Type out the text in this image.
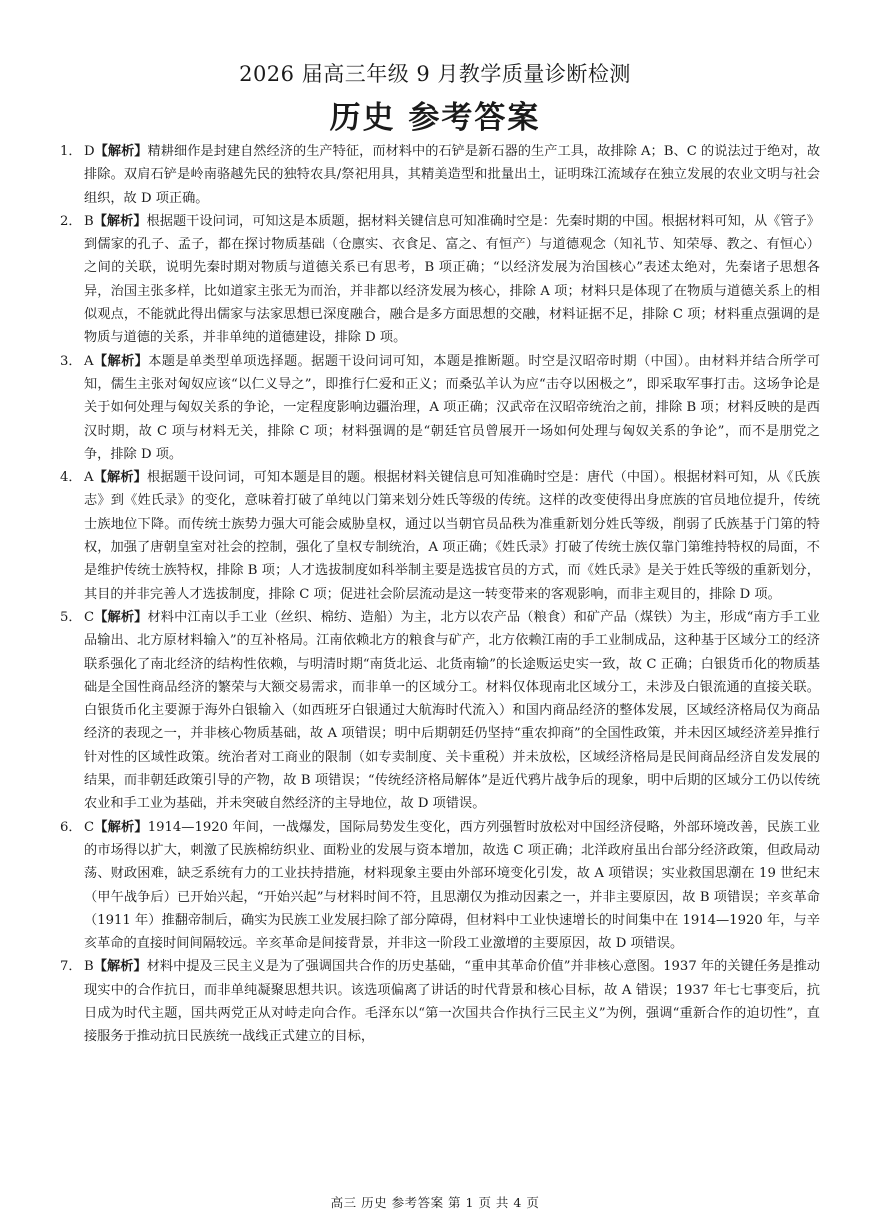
2026 届高三年级 9 月教学质量诊断检测
历史 参考答案
1． D【解析】精耕细作是封建自然经济的生产特征，而材料中的石铲是新石器的生产工具，故排除 A；B、C 的说法过于绝对，故排除。双肩石铲是岭南骆越先民的独特农具/祭祀用具，其精美造型和批量出土，证明珠江流域存在独立发展的农业文明与社会组织，故 D 项正确。
2． B【解析】根据题干设问词，可知这是本质题，据材料关键信息可知准确时空是：先秦时期的中国。根据材料可知，从《管子》到儒家的孔子、孟子，都在探讨物质基础（仓廪实、衣食足、富之、有恒产）与道德观念（知礼节、知荣辱、教之、有恒心）之间的关联，说明先秦时期对物质与道德关系已有思考，B 项正确；“以经济发展为治国核心”表述太绝对，先秦诸子思想各异，治国主张多样，比如道家主张无为而治，并非都以经济发展为核心，排除 A 项；材料只是体现了在物质与道德关系上的相似观点，不能就此得出儒家与法家思想已深度融合，融合是多方面思想的交融，材料证据不足，排除 C 项；材料重点强调的是物质与道德的关系，并非单纯的道德建设，排除 D 项。
3． A【解析】本题是单类型单项选择题。据题干设问词可知，本题是推断题。时空是汉昭帝时期（中国）。由材料并结合所学可知，儒生主张对匈奴应该“以仁义导之”，即推行仁爱和正义；而桑弘羊认为应“击夺以困极之”，即采取军事打击。这场争论是关于如何处理与匈奴关系的争论，一定程度影响边疆治理，A 项正确；汉武帝在汉昭帝统治之前，排除 B 项；材料反映的是西汉时期，故 C 项与材料无关，排除 C 项；材料强调的是“朝廷官员曾展开一场如何处理与匈奴关系的争论”，而不是朋党之争，排除 D 项。
4． A【解析】根据题干设问词，可知本题是目的题。根据材料关键信息可知准确时空是：唐代（中国）。根据材料可知，从《氏族志》到《姓氏录》的变化，意味着打破了单纯以门第来划分姓氏等级的传统。这样的改变使得出身庶族的官员地位提升，传统士族地位下降。而传统士族势力强大可能会威胁皇权，通过以当朝官员品秩为准重新划分姓氏等级，削弱了氏族基于门第的特权，加强了唐朝皇室对社会的控制，强化了皇权专制统治，A 项正确；《姓氏录》打破了传统士族仅靠门第维持特权的局面，不是维护传统士族特权，排除 B 项；人才选拔制度如科举制主要是选拔官员的方式，而《姓氏录》是关于姓氏等级的重新划分，其目的并非完善人才选拔制度，排除 C 项；促进社会阶层流动是这一转变带来的客观影响，而非主观目的，排除 D 项。
5． C【解析】材料中江南以手工业（丝织、棉纺、造船）为主，北方以农产品（粮食）和矿产品（煤铁）为主，形成“南方手工业品输出、北方原材料输入”的互补格局。江南依赖北方的粮食与矿产，北方依赖江南的手工业制成品，这种基于区域分工的经济联系强化了南北经济的结构性依赖，与明清时期“南货北运、北货南输”的长途贩运史实一致，故 C 正确；白银货币化的物质基础是全国性商品经济的繁荣与大额交易需求，而非单一的区域分工。材料仅体现南北区域分工，未涉及白银流通的直接关联。白银货币化主要源于海外白银输入（如西班牙白银通过大航海时代流入）和国内商品经济的整体发展，区域经济格局仅为商品经济的表现之一，并非核心物质基础，故 A 项错误；明中后期朝廷仍坚持“重农抑商”的全国性政策，并未因区域经济差异推行针对性的区域性政策。统治者对工商业的限制（如专卖制度、关卡重税）并未放松，区域经济格局是民间商品经济自发发展的结果，而非朝廷政策引导的产物，故 B 项错误；“传统经济格局解体”是近代鸦片战争后的现象，明中后期的区域分工仍以传统农业和手工业为基础，并未突破自然经济的主导地位，故 D 项错误。
6． C【解析】1914—1920 年间，一战爆发，国际局势发生变化，西方列强暂时放松对中国经济侵略，外部环境改善，民族工业的市场得以扩大，刺激了民族棉纺织业、面粉业的发展与资本增加，故选 C 项正确；北洋政府虽出台部分经济政策，但政局动荡、财政困难，缺乏系统有力的工业扶持措施，材料现象主要由外部环境变化引发，故 A 项错误；实业救国思潮在 19 世纪末（甲午战争后）已开始兴起，“开始兴起”与材料时间不符，且思潮仅为推动因素之一，并非主要原因，故 B 项错误；辛亥革命（1911 年）推翻帝制后，确实为民族工业发展扫除了部分障碍，但材料中工业快速增长的时间集中在 1914—1920 年，与辛亥革命的直接时间间隔较远。辛亥革命是间接背景，并非这一阶段工业激增的主要原因，故 D 项错误。
7． B【解析】材料中提及三民主义是为了强调国共合作的历史基础，“重申其革命价值”并非核心意图。1937 年的关键任务是推动现实中的合作抗日，而非单纯凝聚思想共识。该选项偏离了讲话的时代背景和核心目标，故 A 错误；1937 年七七事变后，抗日成为时代主题，国共两党正从对峙走向合作。毛泽东以“第一次国共合作执行三民主义”为例，强调“重新合作的迫切性”，直接服务于推动抗日民族统一战线正式建立的目标，
高三 历史 参考答案 第 1 页 共 4 页
